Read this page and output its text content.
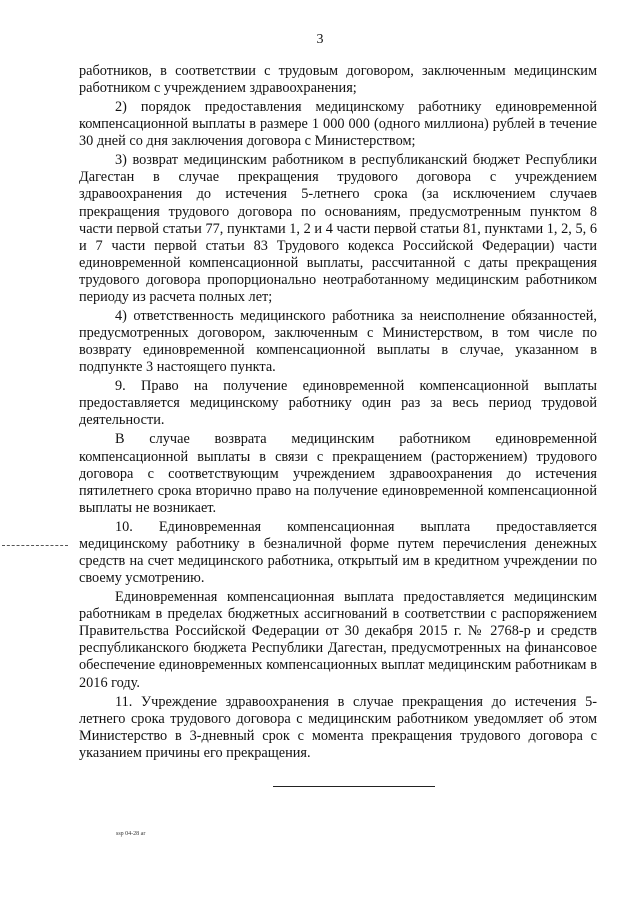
3

работников, в соответствии с трудовым договором, заключенным медицинским работником с учреждением здравоохранения;

2) порядок предоставления медицинскому работнику единовременной компенсационной выплаты в размере 1 000 000 (одного миллиона) рублей в течение 30 дней со дня заключения договора с Министерством;

3) возврат медицинским работником в республиканский бюджет Республики Дагестан в случае прекращения трудового договора с учреждением здравоохранения до истечения 5-летнего срока (за исключением случаев прекращения трудового договора по основаниям, предусмотренным пунктом 8 части первой статьи 77, пунктами 1, 2 и 4 части первой статьи 81, пунктами 1, 2, 5, 6 и 7 части первой статьи 83 Трудового кодекса Российской Федерации) части единовременной компенсационной выплаты, рассчитанной с даты прекращения трудового договора пропорционально неотработанному медицинским работником периоду из расчета полных лет;

4) ответственность медицинского работника за неисполнение обязанностей, предусмотренных договором, заключенным с Министерством, в том числе по возврату единовременной компенсационной выплаты в случае, указанном в подпункте 3 настоящего пункта.

9. Право на получение единовременной компенсационной выплаты предоставляется медицинскому работнику один раз за весь период трудовой деятельности.

В случае возврата медицинским работником единовременной компенсационной выплаты в связи с прекращением (расторжением) трудового договора с соответствующим учреждением здравоохранения до истечения пятилетнего срока вторично право на получение единовременной компенсационной выплаты не возникает.

10. Единовременная компенсационная выплата предоставляется медицинскому работнику в безналичной форме путем перечисления денежных средств на счет медицинского работника, открытый им в кредитном учреждении по своему усмотрению.

Единовременная компенсационная выплата предоставляется медицинским работникам в пределах бюджетных ассигнований в соответствии с распоряжением Правительства Российской Федерации от 30 декабря 2015 г. № 2768-р и средств республиканского бюджета Республики Дагестан, предусмотренных на финансовое обеспечение единовременных компенсационных выплат медицинским работникам в 2016 году.

11. Учреждение здравоохранения в случае прекращения до истечения 5-летнего срока трудового договора с медицинским работником уведомляет об этом Министерство в 3-дневный срок с момента прекращения трудового договора с указанием причины его прекращения.

ssp 04-28 ar
